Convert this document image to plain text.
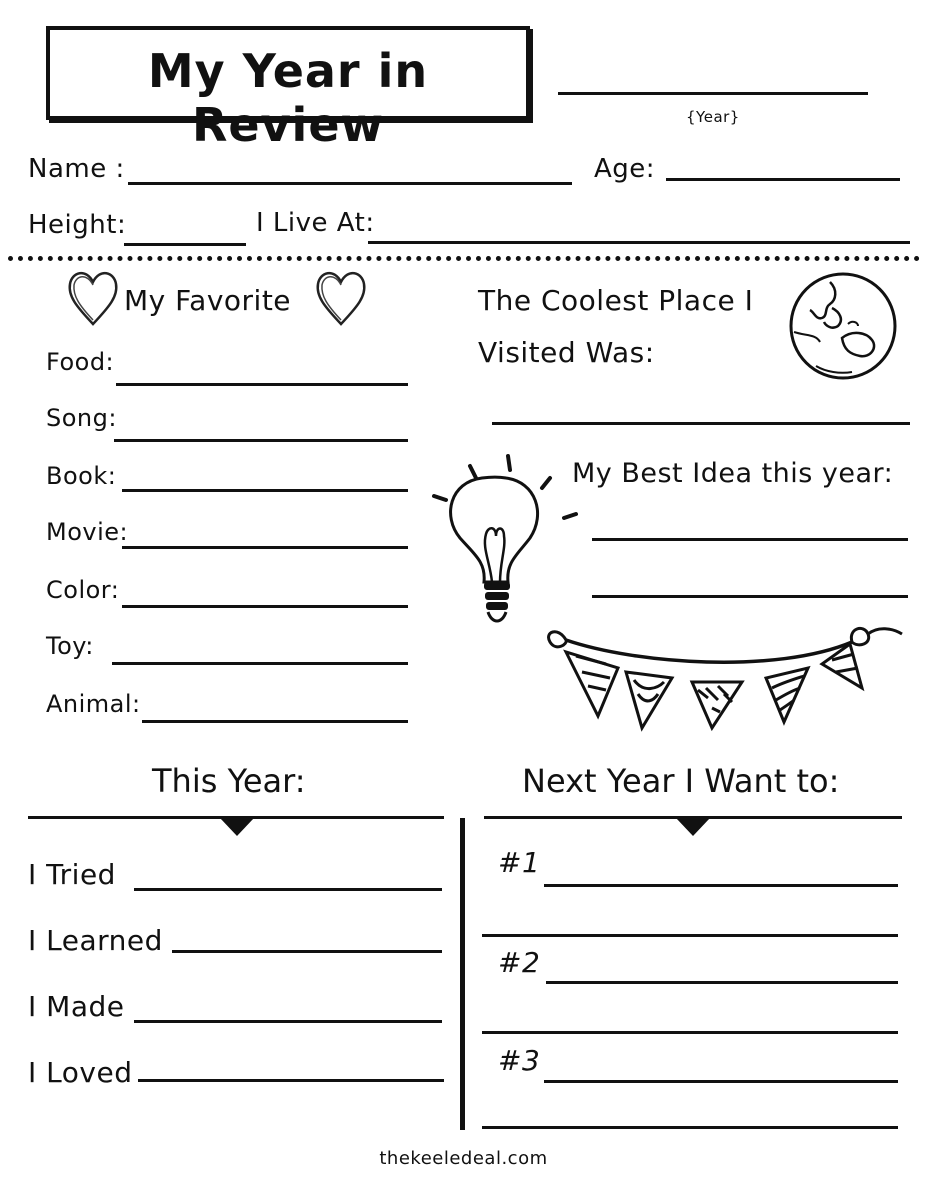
My Year in Review	{Year}
Name :	Age:
Height:	I Live At:
My Favorite
Food:
Song:
Book:
Movie:
Color:
Toy:
Animal:
The Coolest Place I
Visited Was:
My Best Idea this year:
This Year:
I Tried
I Learned
I Made
I Loved
Next Year I Want to:
#1
#2
#3
thekeeledeal.com
